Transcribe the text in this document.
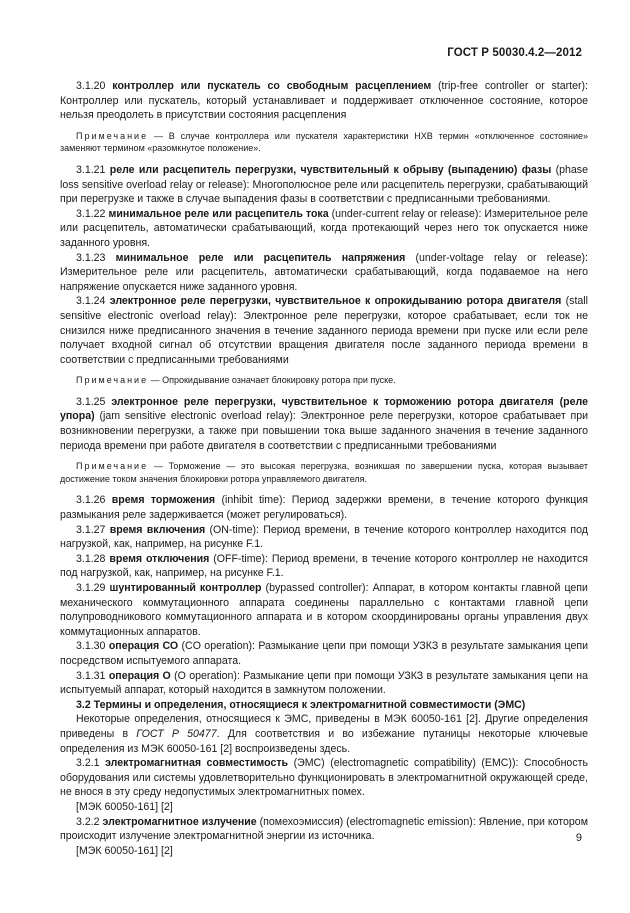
ГОСТ Р 50030.4.2—2012

3.1.20 контроллер или пускатель со свободным расцеплением (trip-free controller or starter): Контроллер или пускатель, который устанавливает и поддерживает отключенное состояние, которое нельзя преодолеть в присутствии состояния расцепления

Примечание — В случае контроллера или пускателя характеристики НХВ термин «отключенное состояние» заменяют термином «разомкнутое положение».

3.1.21 реле или расцепитель перегрузки, чувствительный к обрыву (выпадению) фазы (phase loss sensitive overload relay or release): Многополюсное реле или расцепитель перегрузки, срабатывающий при перегрузке и также в случае выпадения фазы в соответствии с предписанными требованиями.

3.1.22 минимальное реле или расцепитель тока (under-current relay or release): Измерительное реле или расцепитель, автоматически срабатывающий, когда протекающий через него ток опускается ниже заданного уровня.

3.1.23 минимальное реле или расцепитель напряжения (under-voltage relay or release): Измерительное реле или расцепитель, автоматически срабатывающий, когда подаваемое на него напряжение опускается ниже заданного уровня.

3.1.24 электронное реле перегрузки, чувствительное к опрокидыванию ротора двигателя (stall sensitive electronic overload relay): Электронное реле перегрузки, которое срабатывает, если ток не снизился ниже предписанного значения в течение заданного периода времени при пуске или если реле получает входной сигнал об отсутствии вращения двигателя после заданного периода времени в соответствии с предписанными требованиями

Примечание — Опрокидывание означает блокировку ротора при пуске.

3.1.25 электронное реле перегрузки, чувствительное к торможению ротора двигателя (реле упора) (jam sensitive electronic overload relay): Электронное реле перегрузки, которое срабатывает при возникновении перегрузки, а также при повышении тока выше заданного значения в течение заданного периода времени при работе двигателя в соответствии с предписанными требованиями

Примечание — Торможение — это высокая перегрузка, возникшая по завершении пуска, которая вызывает достижение током значения блокировки ротора управляемого двигателя.

3.1.26 время торможения (inhibit time): Период задержки времени, в течение которого функция размыкания реле задерживается (может регулироваться).

3.1.27 время включения (ON-time): Период времени, в течение которого контроллер находится под нагрузкой, как, например, на рисунке F.1.

3.1.28 время отключения (OFF-time): Период времени, в течение которого контроллер не находится под нагрузкой, как, например, на рисунке F.1.

3.1.29 шунтированный контроллер (bypassed controller): Аппарат, в котором контакты главной цепи механического коммутационного аппарата соединены параллельно с контактами главной цепи полупроводникового коммутационного аппарата и в котором скоординированы органы управления двух коммутационных аппаратов.

3.1.30 операция СО (CO operation): Размыкание цепи при помощи УЗКЗ в результате замыкания цепи посредством испытуемого аппарата.

3.1.31 операция О (O operation): Размыкание цепи при помощи УЗКЗ в результате замыкания цепи на испытуемый аппарат, который находится в замкнутом положении.

3.2 Термины и определения, относящиеся к электромагнитной совместимости (ЭМС)

Некоторые определения, относящиеся к ЭМС, приведены в МЭК 60050-161 [2]. Другие определения приведены в ГОСТ Р 50477. Для соответствия и во избежание путаницы некоторые ключевые определения из МЭК 60050-161 [2] воспроизведены здесь.

3.2.1 электромагнитная совместимость (ЭМС) (electromagnetic compatibility) (EMC)): Способность оборудования или системы удовлетворительно функционировать в электромагнитной окружающей среде, не внося в эту среду недопустимых электромагнитных помех.

[МЭК 60050-161] [2]

3.2.2 электромагнитное излучение (помехоэмиссия) (electromagnetic emission): Явление, при котором происходит излучение электромагнитной энергии из источника.

[МЭК 60050-161] [2]

9
